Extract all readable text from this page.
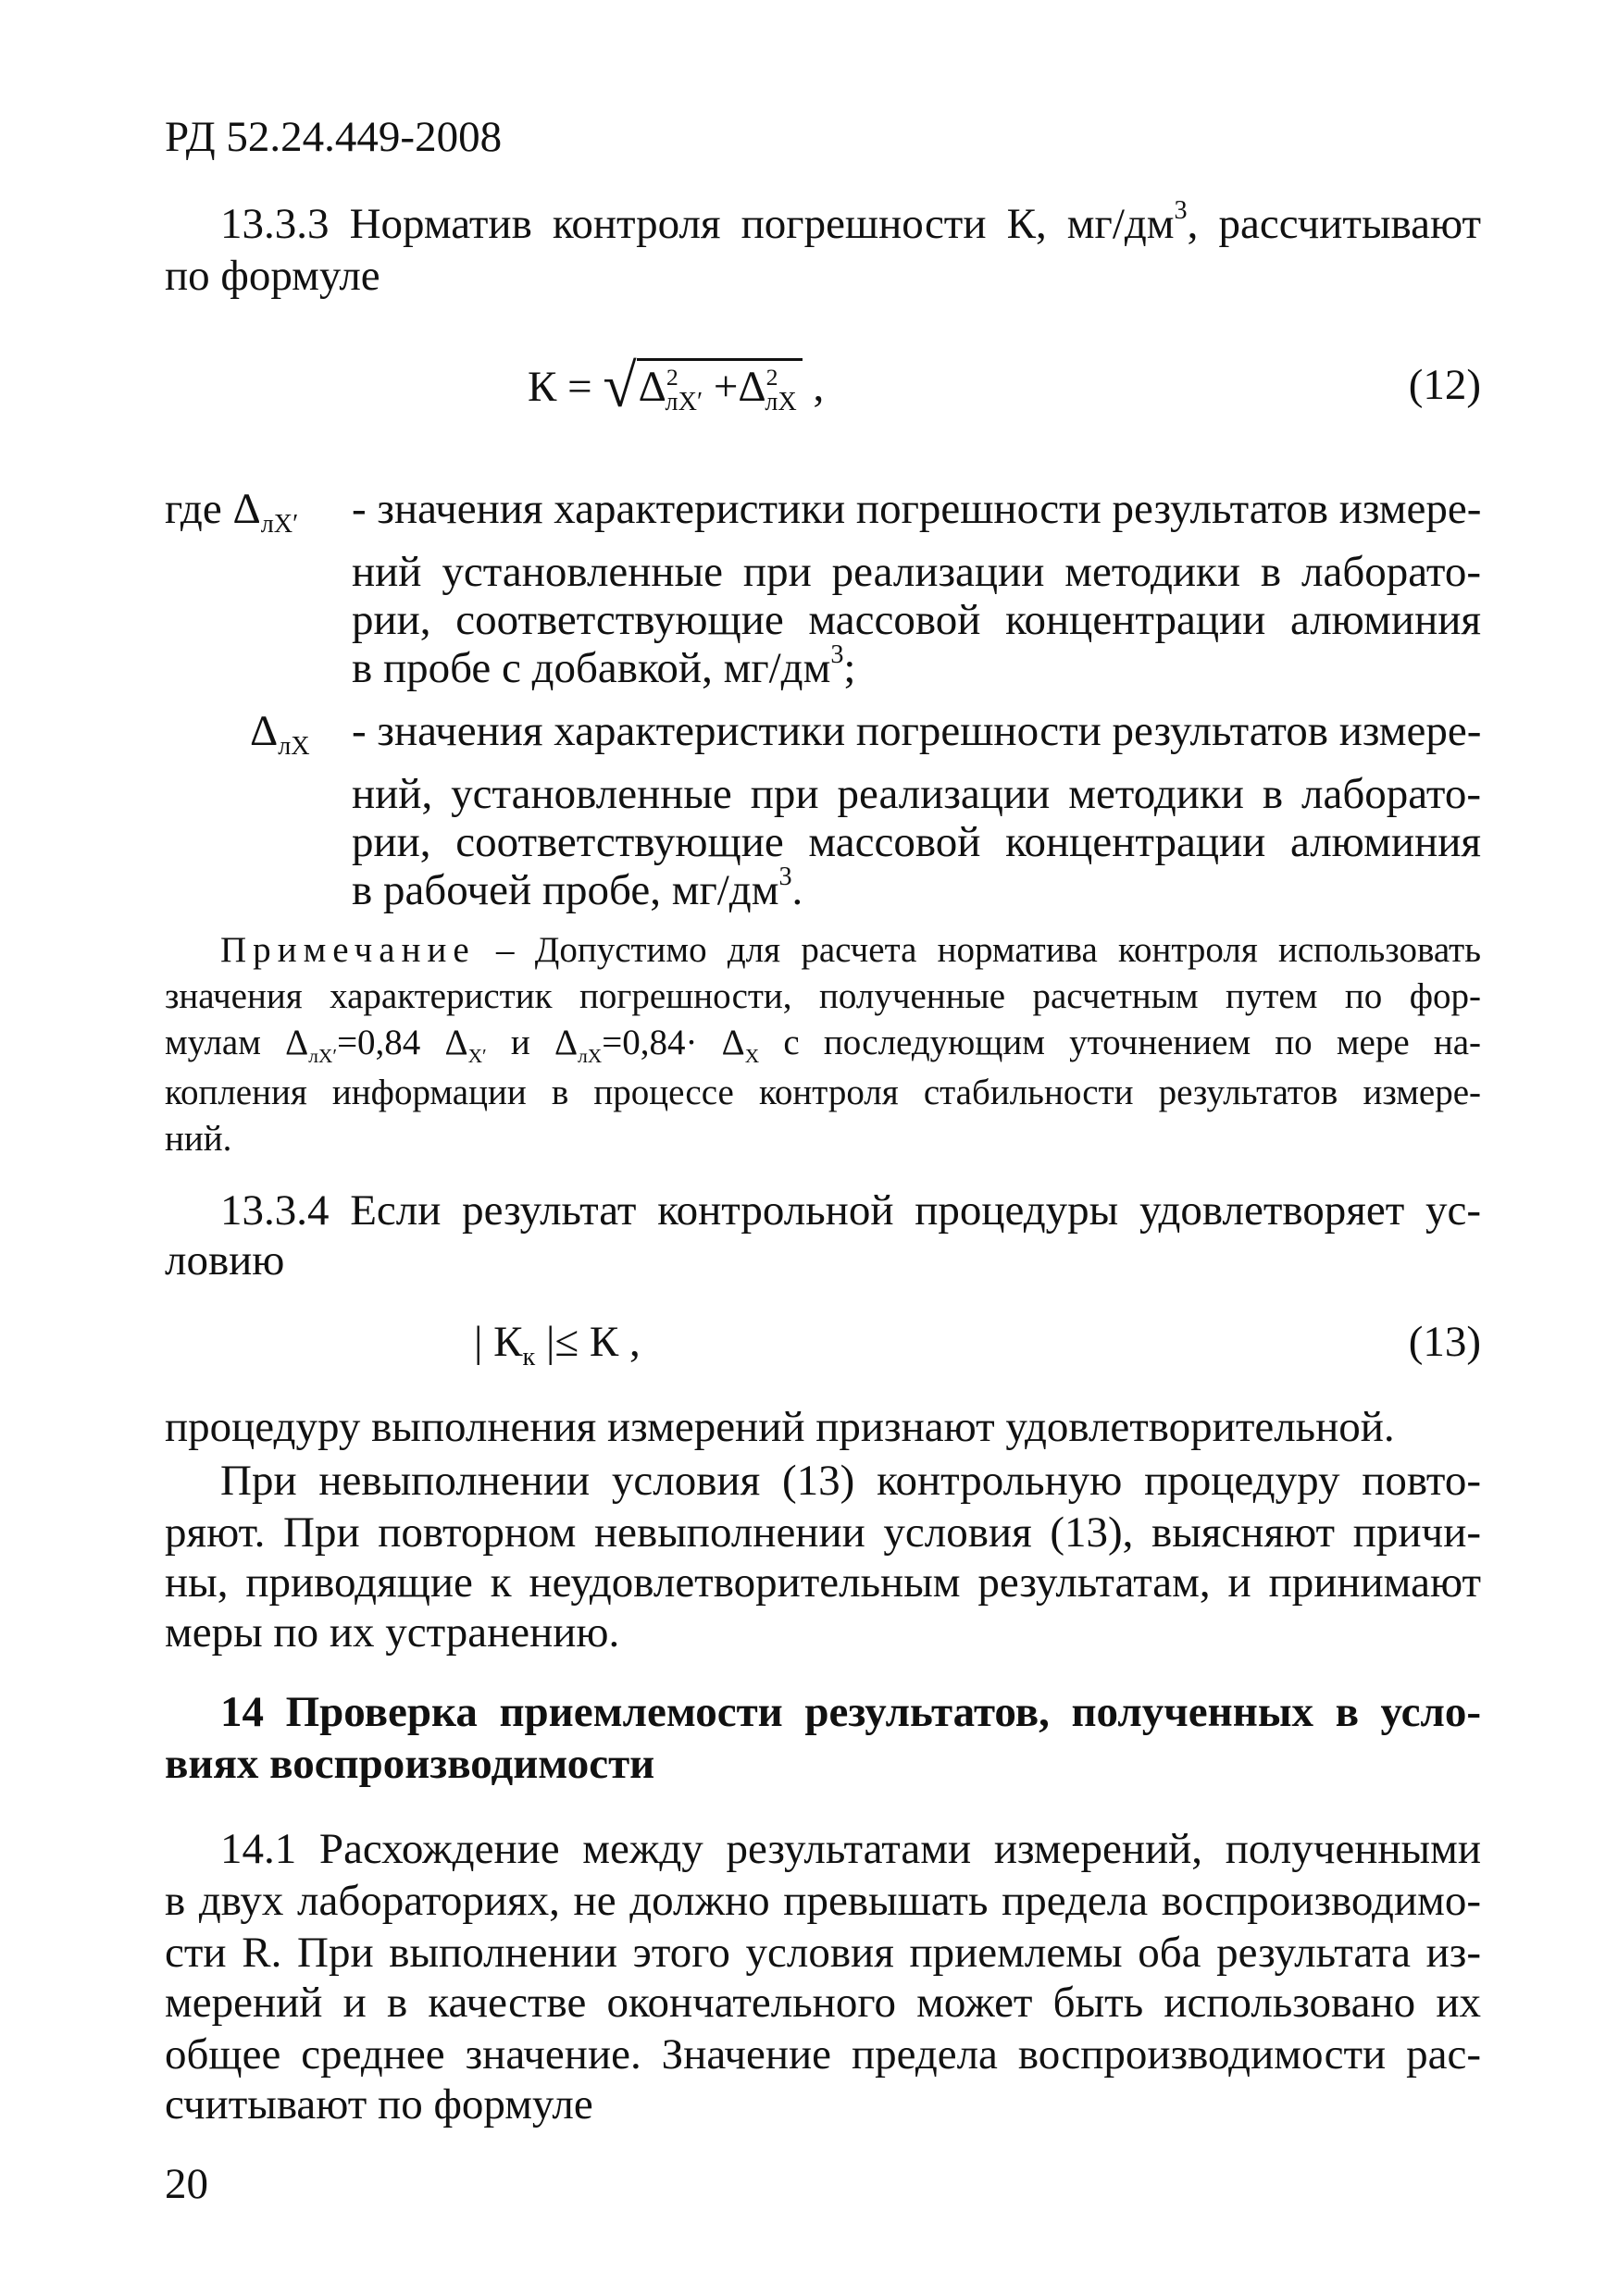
РД 52.24.449-2008
13.3.3 Норматив контроля погрешности К, $мг/дм^3$, рассчитывают
по формуле
$К = √\Delta^2_{лX'} +\Delta^2_{лX}$ ,	(12)
где $\Delta_{лX'}$	- значения характеристики погрешности результатов измере-
ний установленные при реализации методики в лаборато-
рии, соответствующие массовой концентрации алюминия
в пробе с добавкой, $мг/дм^3$;
$\Delta_{лX}$ - значения характеристики погрешности результатов измере-
ний, установленные при реализации методики в лаборато-
рии, соответствующие массовой концентрации алюминия
в рабочей пробе, $мг/дм^3$.
Примечание – Допустимо для расчета норматива контроля использовать
значения характеристик погрешности, полученные расчетным путем по фор-
мулам $\Delta_{лX'}=0,84$ $\Delta_{X'}$ и $\Delta_{лX}=0,84\cdot \Delta_X$ с последующим уточнением по мере на-
копления информации в процессе контроля стабильности результатов измере-
ний.
13.3.4 Если результат контрольной процедуры удовлетворяет ус-
ловию
| $К_к$ |≤ К ,	(13)
процедуру выполнения измерений признают удовлетворительной.
При невыполнении условия (13) контрольную процедуру повто-
ряют. При повторном невыполнении условия (13), выясняют причи-
ны, приводящие к неудовлетворительным результатам, и принимают
меры по их устранению.
14 Проверка приемлемости результатов, полученных в усло-
виях воспроизводимости
14.1 Расхождение между результатами измерений, полученными
в двух лабораториях, не должно превышать предела воспроизводимо-
сти R. При выполнении этого условия приемлемы оба результата из-
мерений и в качестве окончательного может быть использовано их
общее среднее значение. Значение предела воспроизводимости рас-
считывают по формуле
20
